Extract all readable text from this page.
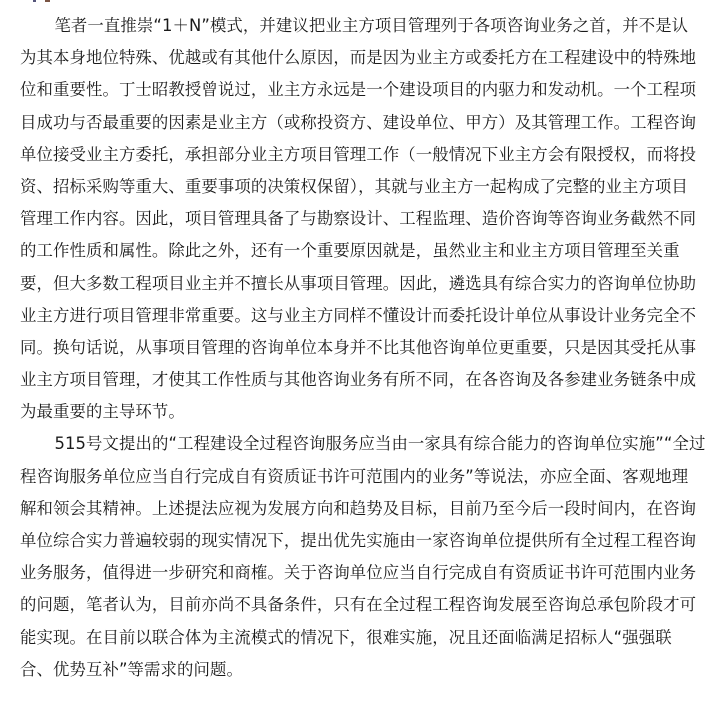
笔者一直推崇“1＋N”模式，并建议把业主方项目管理列于各项咨询业务之首，并不是认
为其本身地位特殊、优越或有其他什么原因，而是因为业主方或委托方在工程建设中的特殊地
位和重要性。丁士昭教授曾说过，业主方永远是一个建设项目的内驱力和发动机。一个工程项
目成功与否最重要的因素是业主方（或称投资方、建设单位、甲方）及其管理工作。工程咨询
单位接受业主方委托，承担部分业主方项目管理工作（一般情况下业主方会有限授权，而将投
资、招标采购等重大、重要事项的决策权保留），其就与业主方一起构成了完整的业主方项目
管理工作内容。因此，项目管理具备了与勘察设计、工程监理、造价咨询等咨询业务截然不同
的工作性质和属性。除此之外，还有一个重要原因就是，虽然业主和业主方项目管理至关重
要，但大多数工程项目业主并不擅长从事项目管理。因此，遴选具有综合实力的咨询单位协助
业主方进行项目管理非常重要。这与业主方同样不懂设计而委托设计单位从事设计业务完全不
同。换句话说，从事项目管理的咨询单位本身并不比其他咨询单位更重要，只是因其受托从事
业主方项目管理，才使其工作性质与其他咨询业务有所不同，在各咨询及各参建业务链条中成
为最重要的主导环节。
515号文提出的“工程建设全过程咨询服务应当由一家具有综合能力的咨询单位实施”“全过
程咨询服务单位应当自行完成自有资质证书许可范围内的业务”等说法，亦应全面、客观地理
解和领会其精神。上述提法应视为发展方向和趋势及目标，目前乃至今后一段时间内，在咨询
单位综合实力普遍较弱的现实情况下，提出优先实施由一家咨询单位提供所有全过程工程咨询
业务服务，值得进一步研究和商榷。关于咨询单位应当自行完成自有资质证书许可范围内业务
的问题，笔者认为，目前亦尚不具备条件，只有在全过程工程咨询发展至咨询总承包阶段才可
能实现。在目前以联合体为主流模式的情况下，很难实施，况且还面临满足招标人“强强联
合、优势互补”等需求的问题。
